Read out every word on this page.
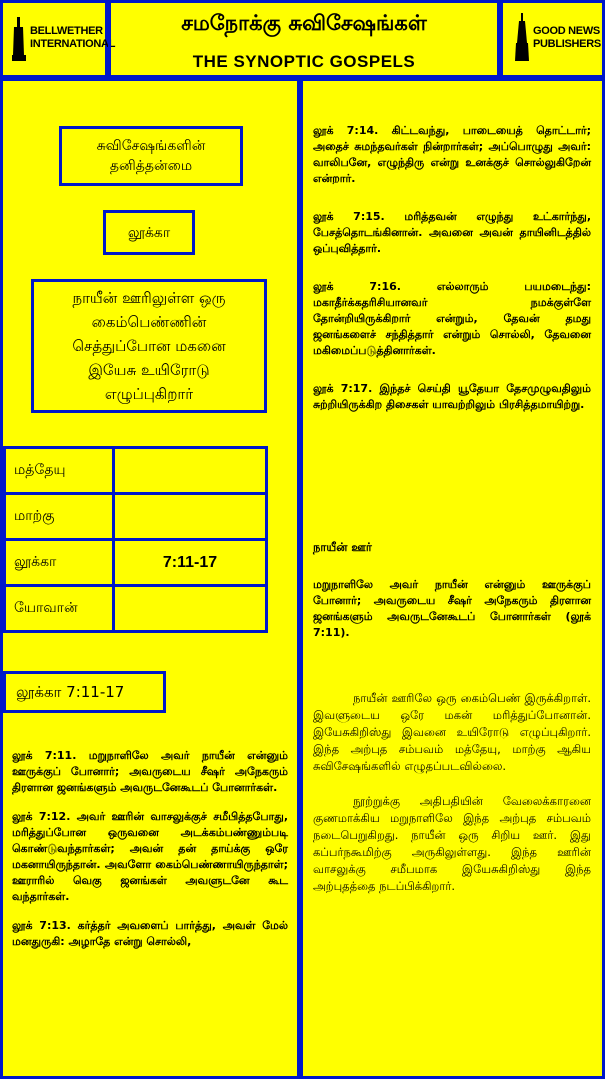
BELLWETHER
INTERNATIONAL
சமநோக்கு சுவிசேஷங்கள்
THE SYNOPTIC GOSPELS
GOOD NEWS
PUBLISHERS
சுவிசேஷங்களின்
தனித்தன்மை
லூக்கா
நாயீன் ஊரிலுள்ள ஒரு
கைம்பெண்ணின்
செத்துப்போன மகனை
இயேசு உயிரோடு
எழுப்புகிறார்
மத்தேயு	
மாற்கு	
லூக்கா	7:11-17
யோவான்	
லூக்கா 7:11-17

லூக் 7:11. மறுநாளிலே அவர் நாயீன் என்னும் ஊருக்குப் போனார்; அவருடைய சீஷர் அநேகரும் திரளான ஜனங்களும் அவருடனேகூடப் போனார்கள்.

லூக் 7:12. அவர் ஊரின் வாசலுக்குச் சமீபித்தபோது, மரித்துப்போன ஒருவனை அடக்கம்பண்ணும்படி கொண்டுவந்தார்கள்; அவன் தன் தாய்க்கு ஒரே மகனாயிருந்தான். அவளோ கைம்பெண்ணாயிருந்தாள்; ஊராரில் வெகு ஜனங்கள் அவளுடனே கூட வந்தார்கள்.

லூக் 7:13. கர்த்தர் அவளைப் பார்த்து, அவள் மேல் மனதுருகி: அழாதே என்று சொல்லி,

லூக் 7:14. கிட்டவந்து, பாடையைத் தொட்டார்; அதைச் சுமந்தவர்கள் நின்றார்கள்; அப்பொழுது அவர்: வாலிபனே, எழுந்திரு என்று உனக்குச் சொல்லுகிறேன் என்றார்.

லூக் 7:15. மரித்தவன் எழுந்து உட்கார்ந்து, பேசத்தொடங்கினான். அவனை அவன் தாயினிடத்தில் ஒப்புவித்தார்.

லூக் 7:16. எல்லாரும் பயமடைந்து: மகாதீர்க்கதரிசியானவர் நமக்குள்ளே தோன்றியிருக்கிறார் என்றும், தேவன் தமது ஜனங்களைச் சந்தித்தார் என்றும் சொல்லி, தேவனை மகிமைப்படுத்தினார்கள்.

லூக் 7:17. இந்தச் செய்தி யூதேயா தேசமுழுவதிலும் சுற்றியிருக்கிற திசைகள் யாவற்றிலும் பிரசித்தமாயிற்று.

நாயீன் ஊர்
மறுநாளிலே அவர் நாயீன் என்னும் ஊருக்குப் போனார்; அவருடைய சீஷர் அநேகரும் திரளான ஜனங்களும் அவருடனேகூடப் போனார்கள் (லூக் 7:11).

நாயீன் ஊரிலே ஒரு கைம்பெண் இருக்கிறாள். இவளுடைய ஒரே மகன் மரித்துப்போனான். இயேசுகிறிஸ்து இவனை உயிரோடு எழுப்புகிறார். இந்த அற்புத சம்பவம் மத்தேயு, மாற்கு ஆகிய சுவிசேஷங்களில் எழுதப்படவில்லை.

நூற்றுக்கு அதிபதியின் வேலைக்காரனை குணமாக்கிய மறுநாளிலே இந்த அற்புத சம்பவம் நடைபெறுகிறது. நாயீன் ஒரு சிறிய ஊர். இது கப்பர்நகூமிற்கு அருகிலுள்ளது. இந்த ஊரின் வாசலுக்கு சமீபமாக இயேசுகிறிஸ்து இந்த அற்புதத்தை நடப்பிக்கிறார்.
